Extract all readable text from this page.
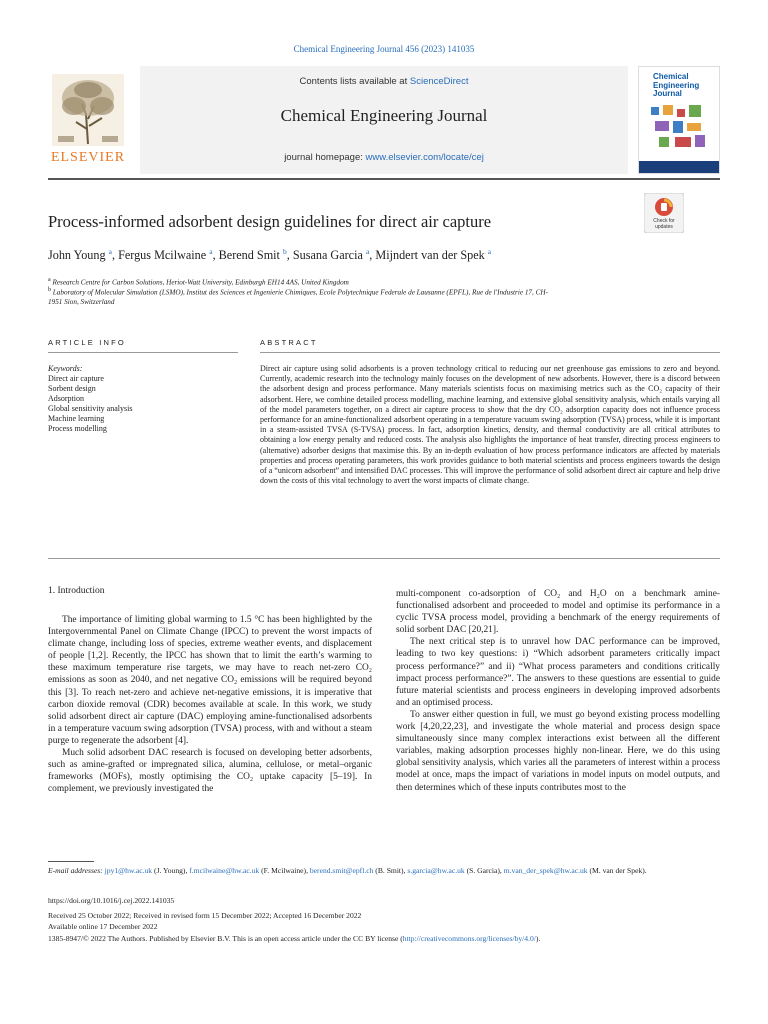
Chemical Engineering Journal 456 (2023) 141035
ELSEVIER
Contents lists available at ScienceDirect
Chemical Engineering Journal
journal homepage: www.elsevier.com/locate/cej
Chemical
Engineering
Journal
Process-informed adsorbent design guidelines for direct air capture	Check for
updates
John Young $^a$, Fergus Mcilwaine $^a$, Berend Smit $^b$, Susana Garcia $^a$, Mijndert van der Spek $^a$
$^a$ Research Centre for Carbon Solutions, Heriot-Watt University, Edinburgh EH14 4AS, United Kingdom
$^b$ Laboratory of Molecular Simulation (LSMO), Institut des Sciences et Ingenierie Chimiques, Ecole Polytechnique Federale de Lausanne (EPFL), Rue de l'Industrie 17, CH-
1951 Sion, Switzerland
ARTICLE INFO	ABSTRACT
Keywords:
Direct air capture
Sorbent design
Adsorption
Global sensitivity analysis
Machine learning
Process modelling
Direct air capture using solid adsorbents is a proven technology critical to reducing our net greenhouse gas emissions to zero and beyond. Currently, academic research into the technology mainly focuses on the development of new adsorbents. However, there is a discord between the adsorbent design and process performance. Many materials scientists focus on maximising metrics such as the CO₂ capacity of their adsorbent. Here, we combine detailed process modelling, machine learning, and extensive global sensitivity analysis, which entails varying all of the model parameters together, on a direct air capture process to show that the dry CO₂ adsorption capacity does not influence process performance for an amine-functionalized adsorbent operating in a temperature vacuum swing adsorption (TVSA) process, while it is important in a steam-assisted TVSA (S-TVSA) process. In fact, adsorption kinetics, density, and thermal conductivity are all critical attributes to obtaining a low energy penalty and reduced costs. The analysis also highlights the importance of heat transfer, directing process engineers to (alternative) adsorber designs that maximise this. By an in-depth evaluation of how process performance indicators are affected by materials properties and process operating parameters, this work provides guidance to both material scientists and process engineers towards the design of a “unicorn adsorbent” and intensified DAC processes. This will improve the performance of solid adsorbent direct air capture and help drive down the costs of this vital technology to avert the worst impacts of climate change.
1. Introduction

The importance of limiting global warming to 1.5 °C has been highlighted by the Intergovernmental Panel on Climate Change (IPCC) to prevent the worst impacts of climate change, including loss of species, extreme weather events, and displacement of people [1,2]. Recently, the IPCC has shown that to limit the earth’s warming to these maximum temperature rise targets, we may have to reach net-zero CO₂ emissions as soon as 2040, and net negative CO₂ emissions will be required beyond this [3]. To reach net-zero and achieve net-negative emissions, it is imperative that carbon dioxide removal (CDR) becomes available at scale. In this work, we study solid adsorbent direct air capture (DAC) employing amine-functionalised adsorbents in a temperature vacuum swing adsorption (TVSA) process, with and without a steam purge to regenerate the adsorbent [4].

Much solid adsorbent DAC research is focused on developing better adsorbents, such as amine-grafted or impregnated silica, alumina, cellulose, or metal–organic frameworks (MOFs), mostly optimising the CO₂ uptake capacity [5–19]. In complement, we previously investigated the

multi-component co-adsorption of CO₂ and H₂O on a benchmark amine-functionalised adsorbent and proceeded to model and optimise its performance in a cyclic TVSA process model, providing a benchmark of the energy requirements of solid sorbent DAC [20,21].

The next critical step is to unravel how DAC performance can be improved, leading to two key questions: i) “Which adsorbent parameters critically impact process performance?” and ii) “What process parameters and conditions critically impact process performance?”. The answers to these questions are essential to guide future material scientists and process engineers in developing improved adsorbents and an optimised process.

To answer either question in full, we must go beyond existing process modelling work [4,20,22,23], and investigate the whole material and process design space simultaneously since many complex interactions exist between all the different variables, making adsorption processes highly non-linear. Here, we do this using global sensitivity analysis, which varies all the parameters of interest within a process model at once, maps the impact of variations in model inputs on model outputs, and then determines which of these inputs contributes most to the

E-mail addresses: jpy1@hw.ac.uk (J. Young), f.mcilwaine@hw.ac.uk (F. Mcilwaine), berend.smit@epfl.ch (B. Smit), s.garcia@hw.ac.uk (S. Garcia), m.van_der_spek@hw.ac.uk (M. van der Spek).
https://doi.org/10.1016/j.cej.2022.141035
Received 25 October 2022; Received in revised form 15 December 2022; Accepted 16 December 2022
Available online 17 December 2022
1385-8947/© 2022 The Authors. Published by Elsevier B.V. This is an open access article under the CC BY license (http://creativecommons.org/licenses/by/4.0/).
